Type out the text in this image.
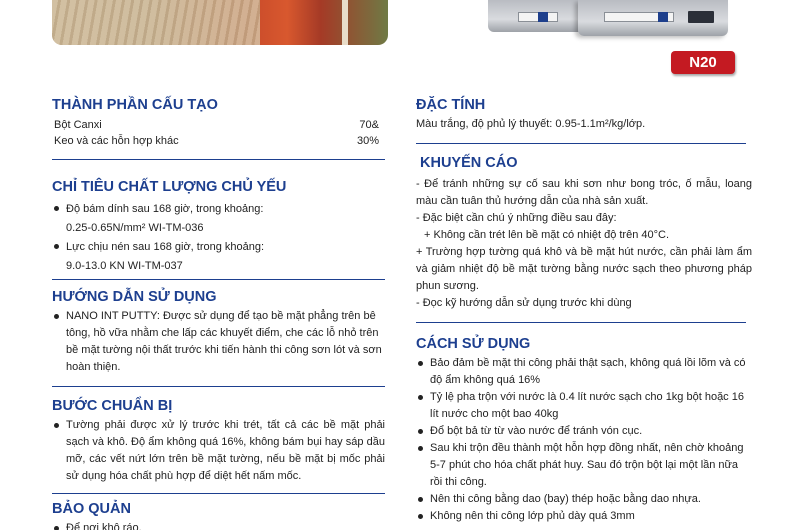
N20
THÀNH PHẦN CẤU TẠO
Bột Canxi	70&
Keo và các hỗn hợp khác	30%
CHỈ TIÊU CHẤT LƯỢNG CHỦ YẾU
Độ bám dính sau 168 giờ, trong khoảng:
0.25-0.65N/mm² WI-TM-036
Lực chịu nén sau 168 giờ, trong khoảng:
9.0-13.0 KN WI-TM-037
HƯỚNG DẪN SỬ DỤNG
NANO INT PUTTY: Được sử dụng để tạo bề mặt phẳng trên bê tông, hồ vữa nhằm che lấp các khuyết điểm, che các lỗ nhỏ trên bề mặt tường nội thất trước khi tiến hành thi công sơn lót và sơn hoàn thiện.
BƯỚC CHUẨN BỊ
Tường phải được xử lý trước khi trét, tất cả các bề mặt phải sạch và khô. Độ ẩm không quá 16%, không bám bụi hay sáp dầu mỡ, các vết nứt lớn trên bề mặt tường, nếu bề mặt bị mốc phải sử dụng hóa chất phù hợp để diệt hết nấm mốc.
BẢO QUẢN
Để nơi khô ráo.
ĐẶC TÍNH
Màu trắng, độ phủ lý thuyết: 0.95-1.1m²/kg/lớp.
KHUYẾN CÁO
- Để tránh những sự cố sau khi sơn như bong tróc, ố mẫu, loang màu cần tuân thủ hướng dẫn của nhà sản xuất.
- Đặc biệt cần chú ý những điều sau đây:
+ Không cần trét lên bề mặt có nhiệt độ trên 40°C.
+ Trường hợp tường quá khô và bề mặt hút nước, cần phải làm ẩm và giảm nhiệt độ bề mặt tường bằng nước sạch theo phương pháp phun sương.
- Đọc kỹ hướng dẫn sử dụng trước khi dùng
CÁCH SỬ DỤNG
Bảo đảm bề mặt thi công phải thật sạch, không quá lồi lõm và có độ ẩm không quá 16%
Tỷ lệ pha trộn với nước là 0.4 lít nước sạch cho 1kg bột hoặc 16 lít nước cho một bao 40kg
Đổ bột bả từ từ vào nước để tránh vón cục.
Sau khi trộn đều thành một hỗn hợp đồng nhất, nên chờ khoảng 5-7 phút cho hóa chất phát huy. Sau đó trộn bột lại một lần nữa rồi thi công.
Nên thi công bằng dao (bay) thép hoặc bằng dao nhựa.
Không nên thi công lớp phủ dày quá 3mm
